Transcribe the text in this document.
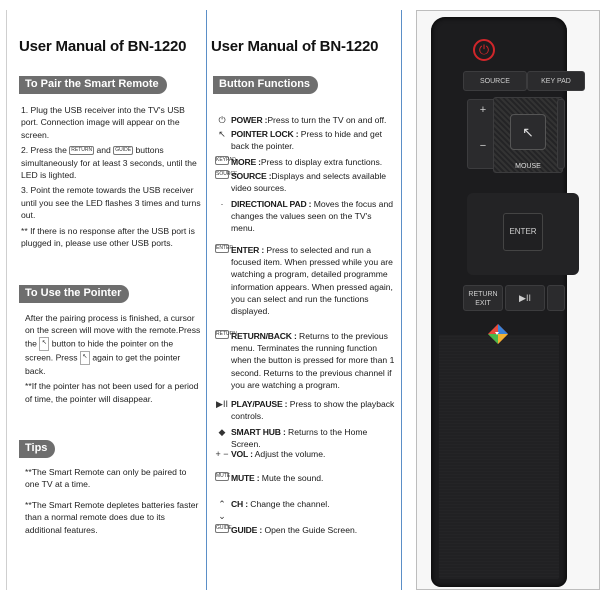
User Manual of BN-1220
To Pair the Smart Remote

1. Plug the USB receiver into the TV's USB port. Connection image will appear on the screen.

2. Press the RETURN and GUIDE buttons simultaneously for at least 3 seconds, until the LED is lighted.

3. Point the remote towards the USB receiver until you see the LED flashes 3 times and turns out.

** If there is no response after the USB port is plugged in, please use other USB ports.

To Use the Pointer

After the pairing process is finished, a cursor on the screen will move with the remote.Press the ↖ button to hide the pointer on the screen. Press ↖ again to get the pointer back.

**If the pointer has not been used for a period of time, the pointer will disappear.

Tips

**The Smart Remote can only be paired to one TV at a time.

**The Smart Remote depletes batteries faster than a normal remote does due to its additional features.

User Manual of BN-1220
Button Functions
⏻ POWER :Press to turn the TV on and off.
↖ POINTER LOCK : Press to hide and get back the pointer.
KEYPAD
MORE :Press to display extra functions.
SOURCE
SOURCE :Displays and selects available video sources.
· DIRECTIONAL PAD : Moves the focus and changes the values seen on the TV's menu.
ENTER
ENTER : Press to selected and run a focused item. When pressed while you are watching a program, detailed programme information appears. When pressed again, you can select and run the functions displayed.
RETURN
RETURN/BACK : Returns to the previous menu. Terminates the running function when the button is pressed for more than 1 second. Returns to the previous channel if you are watching a program.
▶II PLAY/PAUSE : Press to show the playback controls.
◆ SMART HUB : Returns to the Home Screen.
+ − VOL : Adjust the volume.
MUTE MUTE : Mute the sound.
⌃ ⌄
CH : Change the channel.
GUIDE GUIDE : Open the Guide Screen.
⏻
SOURCE	KEY PAD
+

−
↖
MOUSE
ENTER
RETURN EXIT
▶II
